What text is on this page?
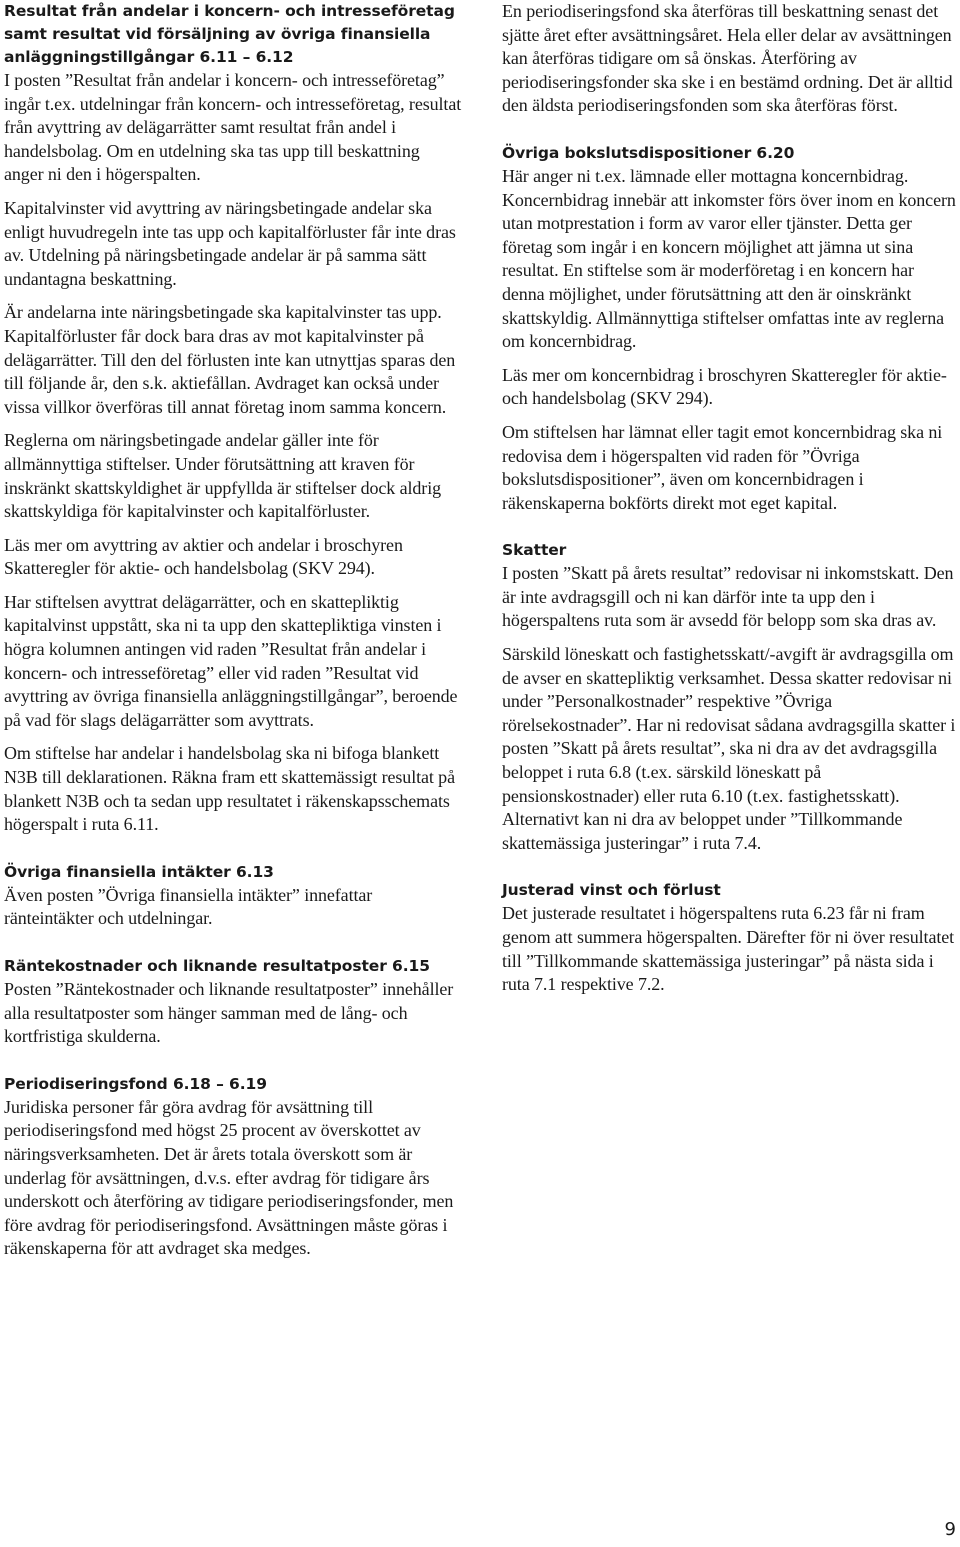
Resultat från andelar i koncern- och intresseföretag samt resultat vid försäljning av övriga finansiella anläggningstillgångar 6.11 – 6.12

I posten ”Resultat från andelar i koncern- och intresseföretag” ingår t.ex. utdelningar från koncern- och intresseföretag, resultat från avyttring av delägarrätter samt resultat från andel i handelsbolag. Om en utdelning ska tas upp till beskattning anger ni den i högerspalten.

Kapitalvinster vid avyttring av näringsbetingade andelar ska enligt huvudregeln inte tas upp och kapitalförluster får inte dras av. Utdelning på näringsbetingade andelar är på samma sätt undantagna beskattning.

Är andelarna inte näringsbetingade ska kapitalvinster tas upp. Kapitalförluster får dock bara dras av mot kapitalvinster på delägarrätter. Till den del förlusten inte kan utnyttjas sparas den till följande år, den s.k. aktiefållan. Avdraget kan också under vissa villkor överföras till annat företag inom samma koncern.

Reglerna om näringsbetingade andelar gäller inte för allmännyttiga stiftelser. Under förutsättning att kraven för inskränkt skattskyldighet är uppfyllda är stiftelser dock aldrig skattskyldiga för kapitalvinster och kapitalförluster.

Läs mer om avyttring av aktier och andelar i broschyren Skatteregler för aktie- och handelsbolag (SKV 294).

Har stiftelsen avyttrat delägarrätter, och en skattepliktig kapitalvinst uppstått, ska ni ta upp den skattepliktiga vinsten i högra kolumnen antingen vid raden ”Resultat från andelar i koncern- och intresseföretag” eller vid raden ”Resultat vid avyttring av övriga finansiella anläggningstillgångar”, beroende på vad för slags delägarrätter som avyttrats.

Om stiftelse har andelar i handelsbolag ska ni bifoga blankett N3B till deklarationen. Räkna fram ett skattemässigt resultat på blankett N3B och ta sedan upp resultatet i räkenskapsschemats högerspalt i ruta 6.11.

Övriga finansiella intäkter 6.13

Även posten ”Övriga finansiella intäkter” innefattar ränteintäkter och utdelningar.

Räntekostnader och liknande resultatposter 6.15

Posten ”Räntekostnader och liknande resultatposter” innehåller alla resultatposter som hänger samman med de lång- och kortfristiga skulderna.

Periodiseringsfond 6.18 – 6.19

Juridiska personer får göra avdrag för avsättning till periodiseringsfond med högst 25 procent av överskottet av näringsverksamheten. Det är årets totala överskott som är underlag för avsättningen, d.v.s. efter avdrag för tidigare års underskott och återföring av tidigare periodiseringsfonder, men före avdrag för periodiseringsfond. Avsättningen måste göras i räkenskaperna för att avdraget ska medges.

En periodiseringsfond ska återföras till beskattning senast det sjätte året efter avsättningsåret. Hela eller delar av avsättningen kan återföras tidigare om så önskas. Återföring av periodiseringsfonder ska ske i en bestämd ordning. Det är alltid den äldsta periodiseringsfonden som ska återföras först.

Övriga bokslutsdispositioner 6.20

Här anger ni t.ex. lämnade eller mottagna koncernbidrag. Koncernbidrag innebär att inkomster förs över inom en koncern utan motprestation i form av varor eller tjänster. Detta ger företag som ingår i en koncern möjlighet att jämna ut sina resultat. En stiftelse som är moderföretag i en koncern har denna möjlighet, under förutsättning att den är oinskränkt skattskyldig. Allmännyttiga stiftelser omfattas inte av reglerna om koncernbidrag.

Läs mer om koncernbidrag i broschyren Skatteregler för aktie- och handelsbolag (SKV 294).

Om stiftelsen har lämnat eller tagit emot koncernbidrag ska ni redovisa dem i högerspalten vid raden för ”Övriga bokslutsdispositioner”, även om koncernbidragen i räkenskaperna bokförts direkt mot eget kapital.

Skatter

I posten ”Skatt på årets resultat” redovisar ni inkomstskatt. Den är inte avdragsgill och ni kan därför inte ta upp den i högerspaltens ruta som är avsedd för belopp som ska dras av.

Särskild löneskatt och fastighetsskatt/-avgift är avdragsgilla om de avser en skattepliktig verksamhet. Dessa skatter redovisar ni under ”Personalkostnader” respektive ”Övriga rörelsekostnader”. Har ni redovisat sådana avdragsgilla skatter i posten ”Skatt på årets resultat”, ska ni dra av det avdragsgilla beloppet i ruta 6.8 (t.ex. särskild löneskatt på pensionskostnader) eller ruta 6.10 (t.ex. fastighetsskatt). Alternativt kan ni dra av beloppet under ”Tillkommande skattemässiga justeringar” i ruta 7.4.

Justerad vinst och förlust

Det justerade resultatet i högerspaltens ruta 6.23 får ni fram genom att summera högerspalten. Därefter för ni över resultatet till ”Tillkommande skattemässiga justeringar” på nästa sida i ruta 7.1 respektive 7.2.

9
